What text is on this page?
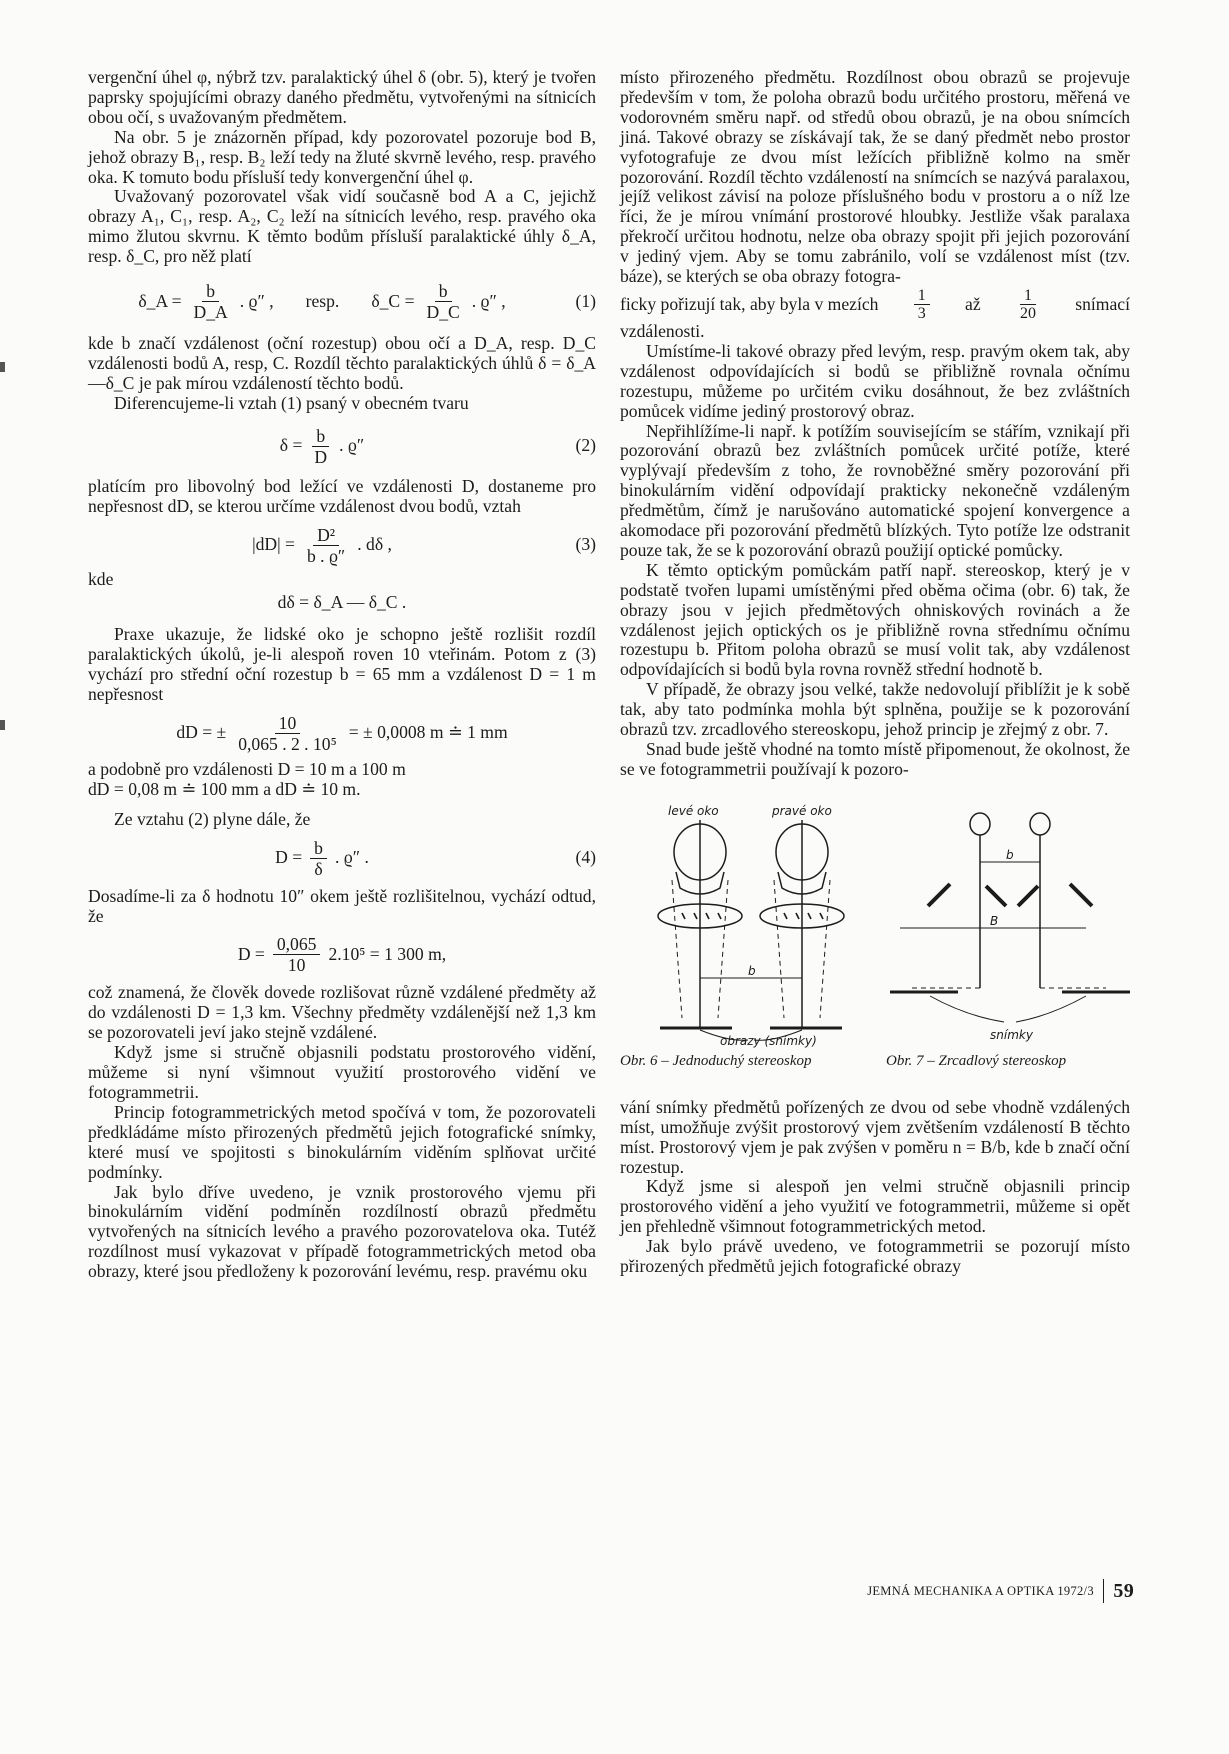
vergenční úhel φ, nýbrž tzv. paralaktický úhel δ (obr. 5), který je tvořen paprsky spojujícími obrazy daného předmětu, vytvořenými na sítnicích obou očí, s uvažovaným předmětem.

Na obr. 5 je znázorněn případ, kdy pozorovatel pozoruje bod B, jehož obrazy B₁, resp. B₂ leží tedy na žluté skvrně levého, resp. pravého oka. K tomuto bodu přísluší tedy konvergenční úhel φ.

Uvažovaný pozorovatel však vidí současně bod A a C, jejichž obrazy A₁, C₁, resp. A₂, C₂ leží na sítnicích levého, resp. pravého oka mimo žlutou skvrnu. K těmto bodům přísluší paralaktické úhly δ_A, resp. δ_C, pro něž platí

δ_A = $\frac{b}{D\_A}$ . ϱ″ , resp. δ_C = $\frac{b}{D\_C}$ . ϱ″ ,	(1)

kde b značí vzdálenost (oční rozestup) obou očí a D_A, resp. D_C vzdálenosti bodů A, resp, C. Rozdíl těchto paralaktických úhlů δ = δ_A—δ_C je pak mírou vzdáleností těchto bodů.

Diferencujeme-li vztah (1) psaný v obecném tvaru

$\delta = \frac{b}{D}$ . ϱ″	(2)

platícím pro libovolný bod ležící ve vzdálenosti D, dostaneme pro nepřesnost dD, se kterou určíme vzdálenost dvou bodů, vztah

$|dD| = \frac{\text{D²}}{b . ϱ''}$ . dδ ,	(3)

kde

dδ = δ_A — δ_C .

Praxe ukazuje, že lidské oko je schopno ještě rozlišit rozdíl paralaktických úkolů, je-li alespoň roven 10 vteřinám. Potom z (3) vychází pro střední oční rozestup b = 65 mm a vzdálenost D = 1 m nepřesnost

dD = ± $\frac{10}{\text{0,065 . 2 . 10⁵}}$ = ± 0,0008 m ≐ 1 mm

a podobně pro vzdálenosti D = 10 m a 100 m

dD = 0,08 m ≐ 100 mm a dD ≐ 10 m.

Ze vztahu (2) plyne dále, že

$D = \frac{b}{\delta}$ . ϱ″ .	(4)

Dosadíme-li za δ hodnotu 10″ okem ještě rozlišitelnou, vychází odtud, že

$D = \frac{0,065}{10} 2.10^5 = 1$ 300 m,

což znamená, že člověk dovede rozlišovat různě vzdálené předměty až do vzdálenosti D = 1,3 km. Všechny předměty vzdálenější než 1,3 km se pozorovateli jeví jako stejně vzdálené.

Když jsme si stručně objasnili podstatu prostorového vidění, můžeme si nyní všimnout využití prostorového vidění ve fotogrammetrii.

Princip fotogrammetrických metod spočívá v tom, že pozorovateli předkládáme místo přirozených předmětů jejich fotografické snímky, které musí ve spojitosti s binokulárním viděním splňovat určité podmínky.

Jak bylo dříve uvedeno, je vznik prostorového vjemu při binokulárním vidění podmíněn rozdílností obrazů předmětu vytvořených na sítnicích levého a pravého pozorovatelova oka. Tutéž rozdílnost musí vykazovat v případě fotogrammetrických metod oba obrazy, které jsou předloženy k pozorování levému, resp. pravému oku

místo přirozeného předmětu. Rozdílnost obou obrazů se projevuje především v tom, že poloha obrazů bodu určitého prostoru, měřená ve vodorovném směru např. od středů obou obrazů, je na obou snímcích jiná. Takové obrazy se získávají tak, že se daný předmět nebo prostor vyfotografuje ze dvou míst ležících přibližně kolmo na směr pozorování. Rozdíl těchto vzdáleností na snímcích se nazývá paralaxou, jejíž velikost závisí na poloze příslušného bodu v prostoru a o níž lze říci, že je mírou vnímání prostorové hloubky. Jestliže však paralaxa překročí určitou hodnotu, nelze oba obrazy spojit při jejich pozorování v jediný vjem. Aby se tomu zabránilo, volí se vzdálenost míst (tzv. báze), se kterých se oba obrazy fotogra-

ficky pořizují tak, aby byla v mezích $\frac{1}{3}$ až $\frac{1}{20}$ snímací

vzdálenosti.

Umístíme-li takové obrazy před levým, resp. pravým okem tak, aby vzdálenost odpovídajících si bodů se přibližně rovnala očnímu rozestupu, můžeme po určitém cviku dosáhnout, že bez zvláštních pomůcek vidíme jediný prostorový obraz.

Nepřihlížíme-li např. k potížím souvisejícím se stářím, vznikají při pozorování obrazů bez zvláštních pomůcek určité potíže, které vyplývají především z toho, že rovnoběžné směry pozorování při binokulárním vidění odpovídají prakticky nekonečně vzdáleným předmětům, čímž je narušováno automatické spojení konvergence a akomodace při pozorování předmětů blízkých. Tyto potíže lze odstranit pouze tak, že se k pozorování obrazů použijí optické pomůcky.

K těmto optickým pomůckám patří např. stereoskop, který je v podstatě tvořen lupami umístěnými před oběma očima (obr. 6) tak, že obrazy jsou v jejich předmětových ohniskových rovinách a že vzdálenost jejich optických os je přibližně rovna střednímu očnímu rozestupu b. Přitom poloha obrazů se musí volit tak, aby vzdálenost odpovídajících si bodů byla rovna rovněž střední hodnotě b.

V případě, že obrazy jsou velké, takže nedovolují přiblížit je k sobě tak, aby tato podmínka mohla být splněna, použije se k pozorování obrazů tzv. zrcadlového stereoskopu, jehož princip je zřejmý z obr. 7.

Snad bude ještě vhodné na tomto místě připomenout, že okolnost, že se ve fotogrammetrii používají k pozoro-

levé oko	pravé oko
b
obrazy (snímky)
Obr. 6 – Jednoduchý stereoskop
b
B
snímky
Obr. 7 – Zrcadlový stereoskop

vání snímky předmětů pořízených ze dvou od sebe vhodně vzdálených míst, umožňuje zvýšit prostorový vjem zvětšením vzdáleností B těchto míst. Prostorový vjem je pak zvýšen v poměru n = B/b, kde b značí oční rozestup.

Když jsme si alespoň jen velmi stručně objasnili princip prostorového vidění a jeho využití ve fotogrammetrii, můžeme si opět jen přehledně všimnout fotogrammetrických metod.

Jak bylo právě uvedeno, ve fotogrammetrii se pozorují místo přirozených předmětů jejich fotografické obrazy

JEMNÁ MECHANIKA A OPTIKA 1972/3 59
